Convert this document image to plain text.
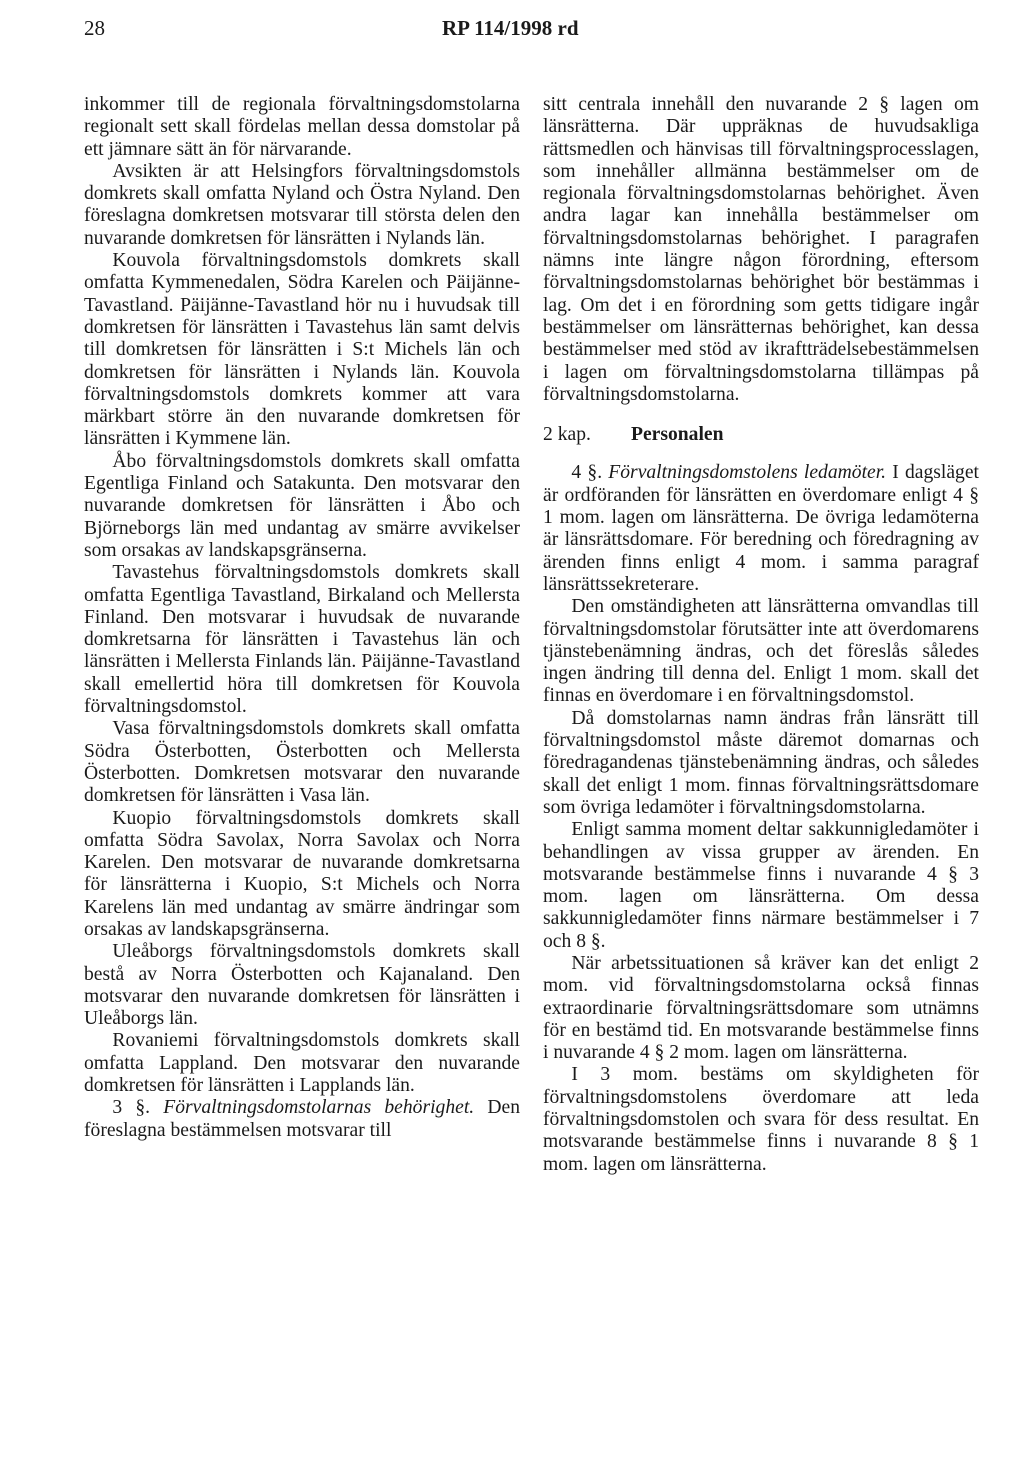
28	RP 114/1998 rd

inkommer till de regionala förvaltningsdomstolarna regionalt sett skall fördelas mellan dessa domstolar på ett jämnare sätt än för närvarande.

Avsikten är att Helsingfors förvaltningsdomstols domkrets skall omfatta Nyland och Östra Nyland. Den föreslagna domkretsen motsvarar till största delen den nuvarande domkretsen för länsrätten i Nylands län.

Kouvola förvaltningsdomstols domkrets skall omfatta Kymmenedalen, Södra Karelen och Päijänne-Tavastland. Päijänne-Tavastland hör nu i huvudsak till domkretsen för länsrätten i Tavastehus län samt delvis till domkretsen för länsrätten i S:t Michels län och domkretsen för länsrätten i Nylands län. Kouvola förvaltningsdomstols domkrets kommer att vara märkbart större än den nuvarande domkretsen för länsrätten i Kymmene län.

Åbo förvaltningsdomstols domkrets skall omfatta Egentliga Finland och Satakunta. Den motsvarar den nuvarande domkretsen för länsrätten i Åbo och Björneborgs län med undantag av smärre avvikelser som orsakas av landskapsgränserna.

Tavastehus förvaltningsdomstols domkrets skall omfatta Egentliga Tavastland, Birkaland och Mellersta Finland. Den motsvarar i huvudsak de nuvarande domkretsarna för länsrätten i Tavastehus län och länsrätten i Mellersta Finlands län. Päijänne-Tavastland skall emellertid höra till domkretsen för Kouvola förvaltningsdomstol.

Vasa förvaltningsdomstols domkrets skall omfatta Södra Österbotten, Österbotten och Mellersta Österbotten. Domkretsen motsvarar den nuvarande domkretsen för länsrätten i Vasa län.

Kuopio förvaltningsdomstols domkrets skall omfatta Södra Savolax, Norra Savolax och Norra Karelen. Den motsvarar de nuvarande domkretsarna för länsrätterna i Kuopio, S:t Michels och Norra Karelens län med undantag av smärre ändringar som orsakas av landskapsgränserna.

Uleåborgs förvaltningsdomstols domkrets skall bestå av Norra Österbotten och Kajanaland. Den motsvarar den nuvarande domkretsen för länsrätten i Uleåborgs län.

Rovaniemi förvaltningsdomstols domkrets skall omfatta Lappland. Den motsvarar den nuvarande domkretsen för länsrätten i Lapplands län.

3 §. Förvaltningsdomstolarnas behörighet. Den föreslagna bestämmelsen motsvarar till

sitt centrala innehåll den nuvarande 2 § lagen om länsrätterna. Där uppräknas de huvudsakliga rättsmedlen och hänvisas till förvaltningsprocesslagen, som innehåller allmänna bestämmelser om de regionala förvaltningsdomstolarnas behörighet. Även andra lagar kan innehålla bestämmelser om förvaltningsdomstolarnas behörighet. I paragrafen nämns inte längre någon förordning, eftersom förvaltningsdomstolarnas behörighet bör bestämmas i lag. Om det i en förordning som getts tidigare ingår bestämmelser om länsrätternas behörighet, kan dessa bestämmelser med stöd av ikraftträdelsebestämmelsen i lagen om förvaltningsdomstolarna tillämpas på förvaltningsdomstolarna.

2 kap. Personalen

4 §. Förvaltningsdomstolens ledamöter. I dagsläget är ordföranden för länsrätten en överdomare enligt 4 § 1 mom. lagen om länsrätterna. De övriga ledamöterna är länsrättsdomare. För beredning och föredragning av ärenden finns enligt 4 mom. i samma paragraf länsrättssekreterare.

Den omständigheten att länsrätterna omvandlas till förvaltningsdomstolar förutsätter inte att överdomarens tjänstebenämning ändras, och det föreslås således ingen ändring till denna del. Enligt 1 mom. skall det finnas en överdomare i en förvaltningsdomstol.

Då domstolarnas namn ändras från länsrätt till förvaltningsdomstol måste däremot domarnas och föredragandenas tjänstebenämning ändras, och således skall det enligt 1 mom. finnas förvaltningsrättsdomare som övriga ledamöter i förvaltningsdomstolarna.

Enligt samma moment deltar sakkunnigledamöter i behandlingen av vissa grupper av ärenden. En motsvarande bestämmelse finns i nuvarande 4 § 3 mom. lagen om länsrätterna. Om dessa sakkunnigledamöter finns närmare bestämmelser i 7 och 8 §.

När arbetssituationen så kräver kan det enligt 2 mom. vid förvaltningsdomstolarna också finnas extraordinarie förvaltningsrättsdomare som utnämns för en bestämd tid. En motsvarande bestämmelse finns i nuvarande 4 § 2 mom. lagen om länsrätterna.

I 3 mom. bestäms om skyldigheten för förvaltningsdomstolens överdomare att leda förvaltningsdomstolen och svara för dess resultat. En motsvarande bestämmelse finns i nuvarande 8 § 1 mom. lagen om länsrätterna.
